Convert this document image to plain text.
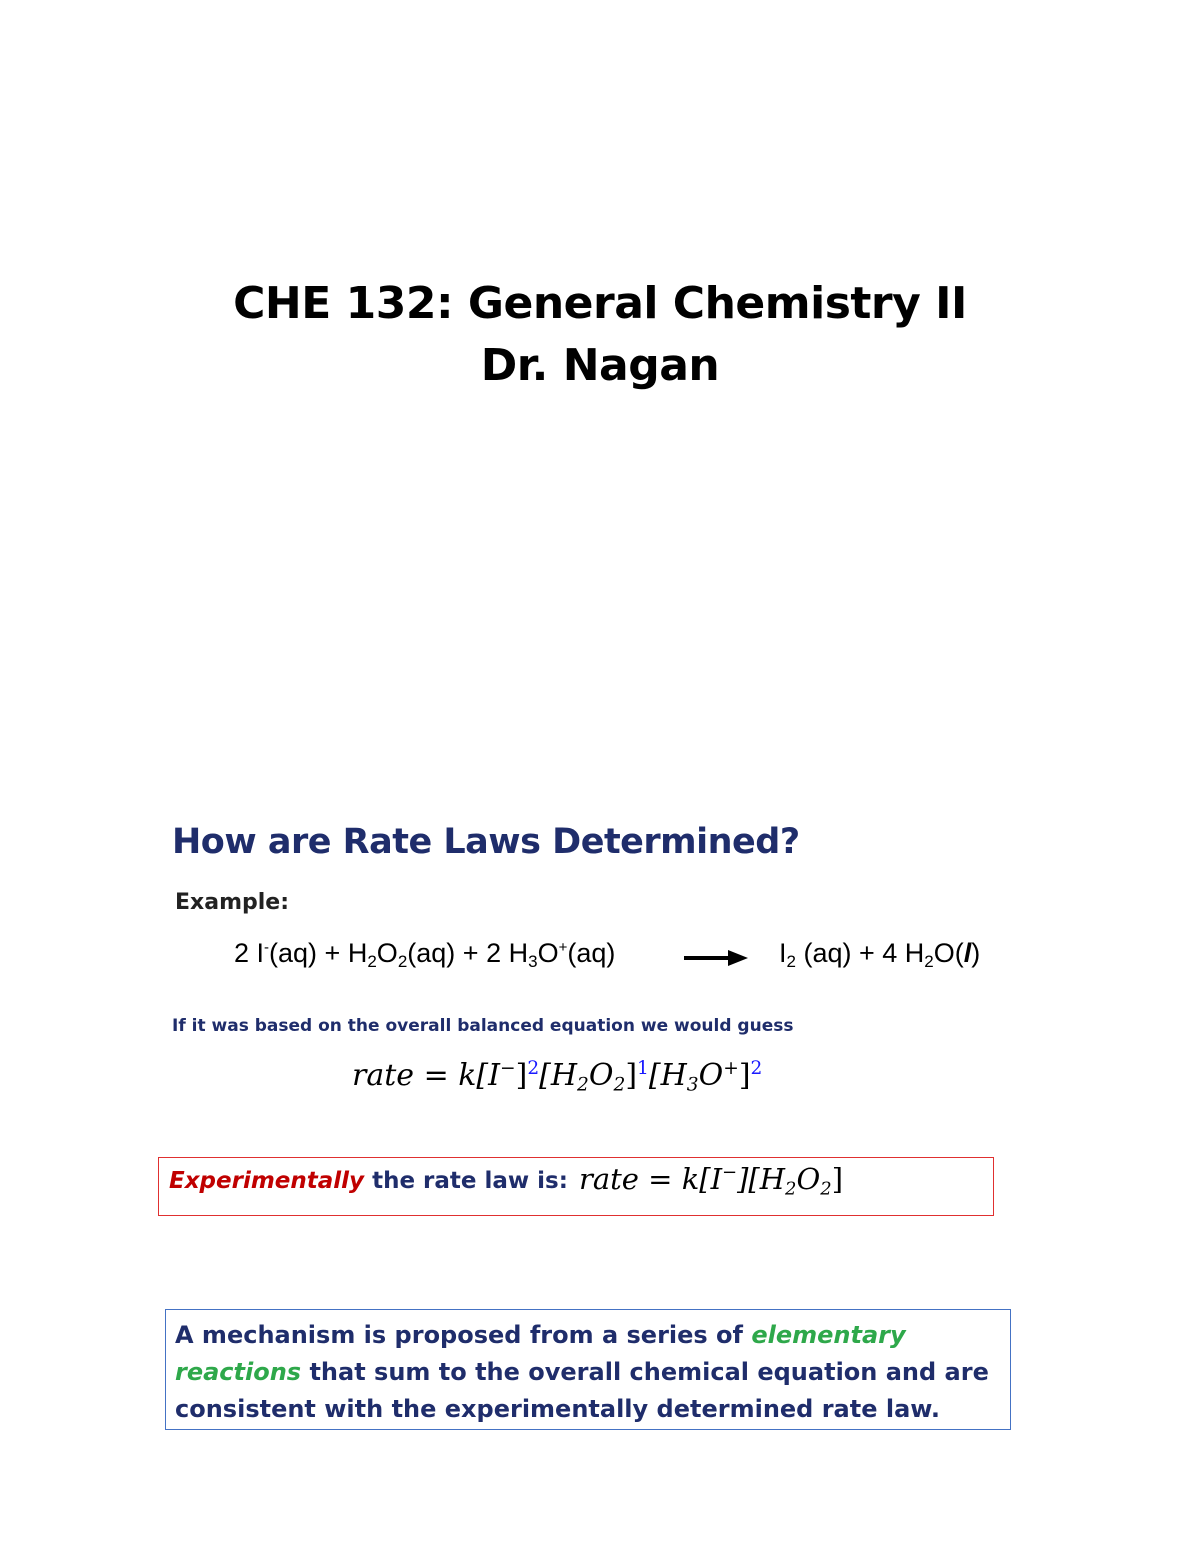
CHE 132: General Chemistry II
Dr. Nagan
How are Rate Laws Determined?
Example:
2 $I^-(aq) + H_2O_2(aq) + 2$ $H_3O^+(aq)$	→ $I_2$ (aq) + 4 $H_2O(l)$
If it was based on the overall balanced equation we would guess
rate = $k[I^-]^2[H_2O_2]^1[H_3O^+]^2$
Experimentally the rate law is: rate = $k[I^-][H_2O_2]$
A mechanism is proposed from a series of elementary reactions that sum to the overall chemical equation and are consistent with the experimentally determined rate law.
